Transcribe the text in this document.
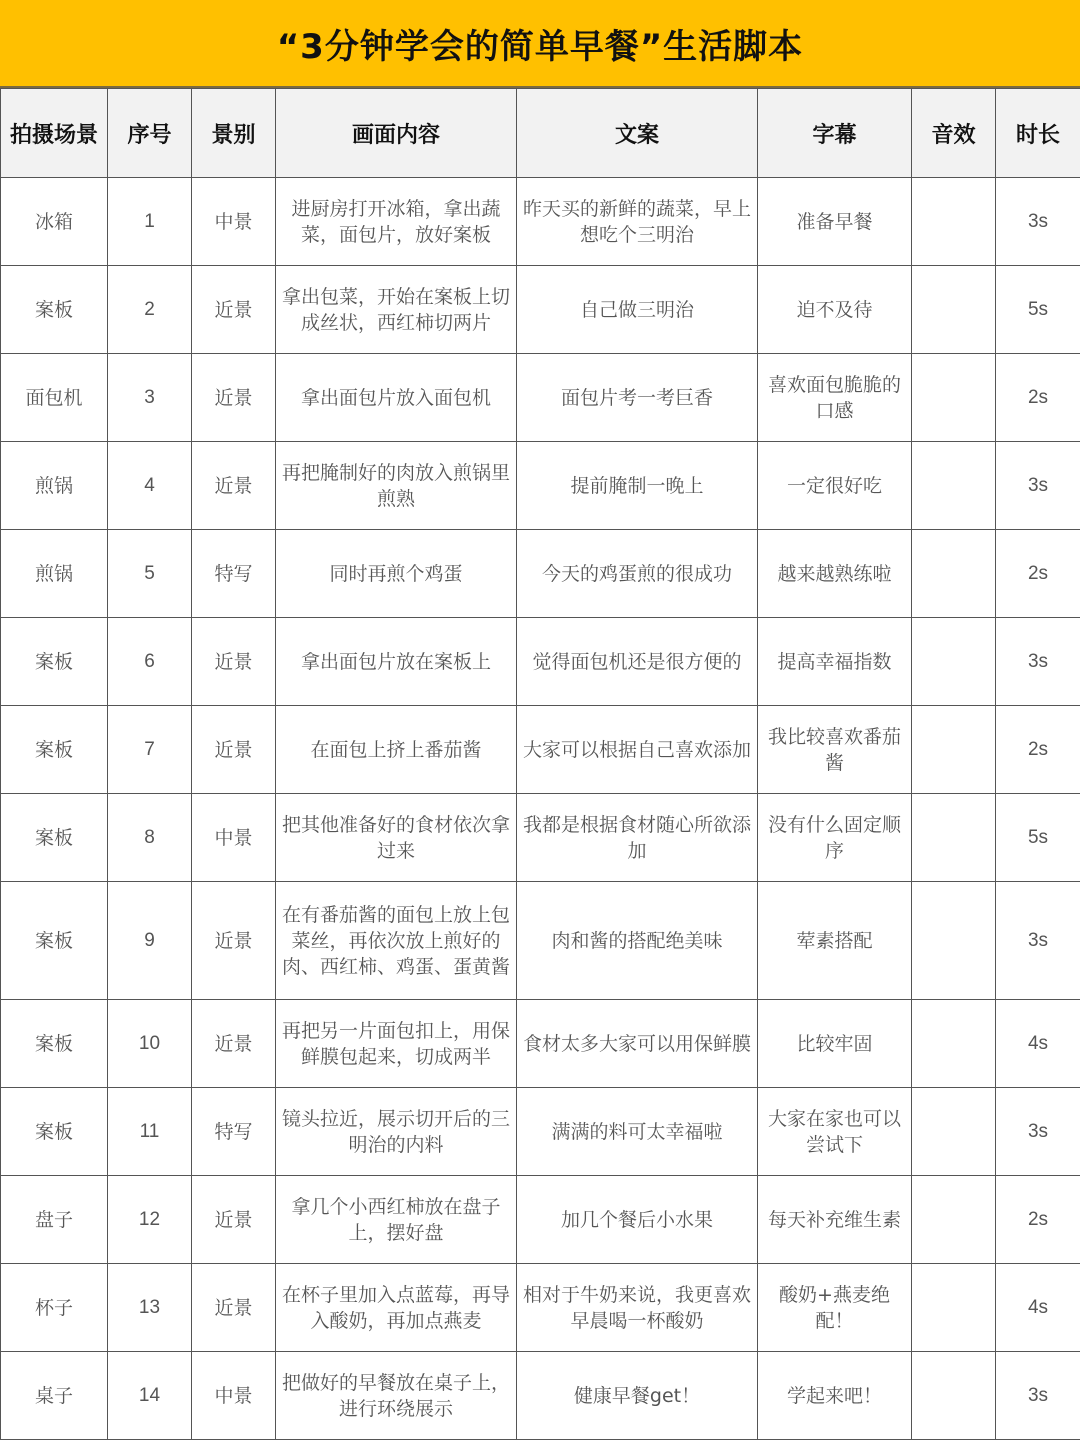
“3分钟学会的简单早餐”生活脚本
拍摄场景	序号	景别	画面内容	文案	字幕	音效	时长
冰箱	1	中景	进厨房打开冰箱，拿出蔬菜，面包片，放好案板	昨天买的新鲜的蔬菜，早上想吃个三明治	准备早餐		3s
案板	2	近景	拿出包菜，开始在案板上切成丝状，西红柿切两片	自己做三明治	迫不及待		5s
面包机	3	近景	拿出面包片放入面包机	面包片考一考巨香	喜欢面包脆脆的口感		2s
煎锅	4	近景	再把腌制好的肉放入煎锅里煎熟	提前腌制一晚上	一定很好吃		3s
煎锅	5	特写	同时再煎个鸡蛋	今天的鸡蛋煎的很成功	越来越熟练啦		2s
案板	6	近景	拿出面包片放在案板上	觉得面包机还是很方便的	提高幸福指数		3s
案板	7	近景	在面包上挤上番茄酱	大家可以根据自己喜欢添加	我比较喜欢番茄酱		2s
案板	8	中景	把其他准备好的食材依次拿过来	我都是根据食材随心所欲添加	没有什么固定顺序		5s
案板	9	近景	在有番茄酱的面包上放上包菜丝，再依次放上煎好的肉、西红柿、鸡蛋、蛋黄酱	肉和酱的搭配绝美味	荤素搭配		3s
案板	10	近景	再把另一片面包扣上，用保鲜膜包起来，切成两半	食材太多大家可以用保鲜膜	比较牢固		4s
案板	11	特写	镜头拉近，展示切开后的三明治的内料	满满的料可太幸福啦	大家在家也可以尝试下		3s
盘子	12	近景	拿几个小西红柿放在盘子上，摆好盘	加几个餐后小水果	每天补充维生素		2s
杯子	13	近景	在杯子里加入点蓝莓，再导入酸奶，再加点燕麦	相对于牛奶来说，我更喜欢早晨喝一杯酸奶	酸奶+燕麦绝配！		4s
桌子	14	中景	把做好的早餐放在桌子上，进行环绕展示	健康早餐get！	学起来吧！		3s
